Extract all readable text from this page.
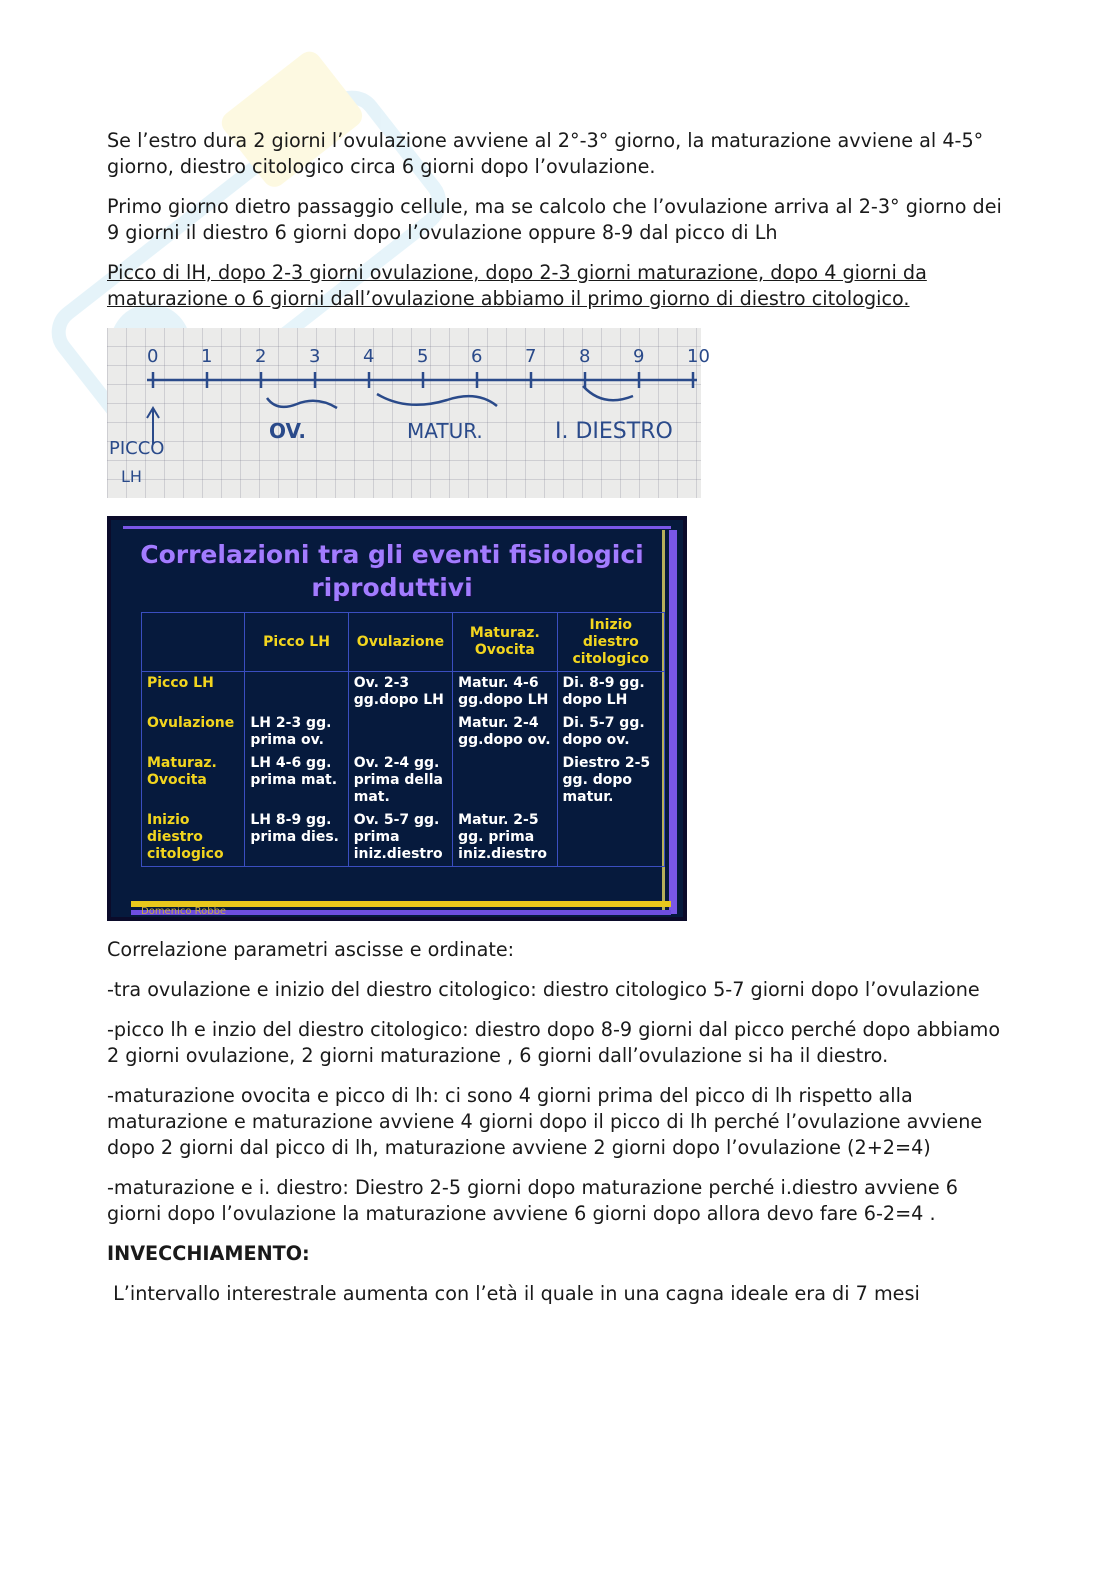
Se l’estro dura 2 giorni l’ovulazione avviene al 2°-3° giorno, la maturazione avviene al 4-5° giorno, diestro citologico circa 6 giorni dopo l’ovulazione.

Primo giorno dietro passaggio cellule, ma se calcolo che l’ovulazione arriva al 2-3° giorno dei 9 giorni il diestro 6 giorni dopo l’ovulazione oppure 8-9 dal picco di Lh

Picco di lH, dopo 2-3 giorni ovulazione, dopo 2-3 giorni maturazione, dopo 4 giorni da maturazione o 6 giorni dall’ovulazione abbiamo il primo giorno di diestro citologico.

0 1 2 3 4 5 6 7 8 9 10
PICCO
LH
OV.	MATUR.	I. DIESTRO
Correlazioni tra gli eventi fisiologici
riproduttivi
	Picco LH	Ovulazione	Maturaz. Ovocita	Inizio diestro citologico
Picco LH		Ov. 2-3 gg.dopo LH	Matur. 4-6 gg.dopo LH	Di. 8-9 gg. dopo LH
Ovulazione	LH 2-3 gg. prima ov.		Matur. 2-4 gg.dopo ov.	Di. 5-7 gg. dopo ov.
Maturaz. Ovocita	LH 4-6 gg. prima mat.	Ov. 2-4 gg. prima della mat.		Diestro 2-5 gg. dopo matur.
Inizio diestro citologico	LH 8-9 gg. prima dies.	Ov. 5-7 gg. prima iniz.diestro	Matur. 2-5 gg. prima iniz.diestro	
Domenico Robbe

Correlazione parametri ascisse e ordinate:

-tra ovulazione e inizio del diestro citologico: diestro citologico 5-7 giorni dopo l’ovulazione

-picco lh e inzio del diestro citologico: diestro dopo 8-9 giorni dal picco perché dopo abbiamo 2 giorni ovulazione, 2 giorni maturazione , 6 giorni dall’ovulazione si ha il diestro.

-maturazione ovocita e picco di lh: ci sono 4 giorni prima del picco di lh rispetto alla maturazione e maturazione avviene 4 giorni dopo il picco di lh perché l’ovulazione avviene dopo 2 giorni dal picco di lh, maturazione avviene 2 giorni dopo l’ovulazione (2+2=4)

-maturazione e i. diestro: Diestro 2-5 giorni dopo maturazione perché i.diestro avviene 6 giorni dopo l’ovulazione la maturazione avviene 6 giorni dopo allora devo fare 6-2=4 .

INVECCHIAMENTO:

L’intervallo interestrale aumenta con l’età il quale in una cagna ideale era di 7 mesi
